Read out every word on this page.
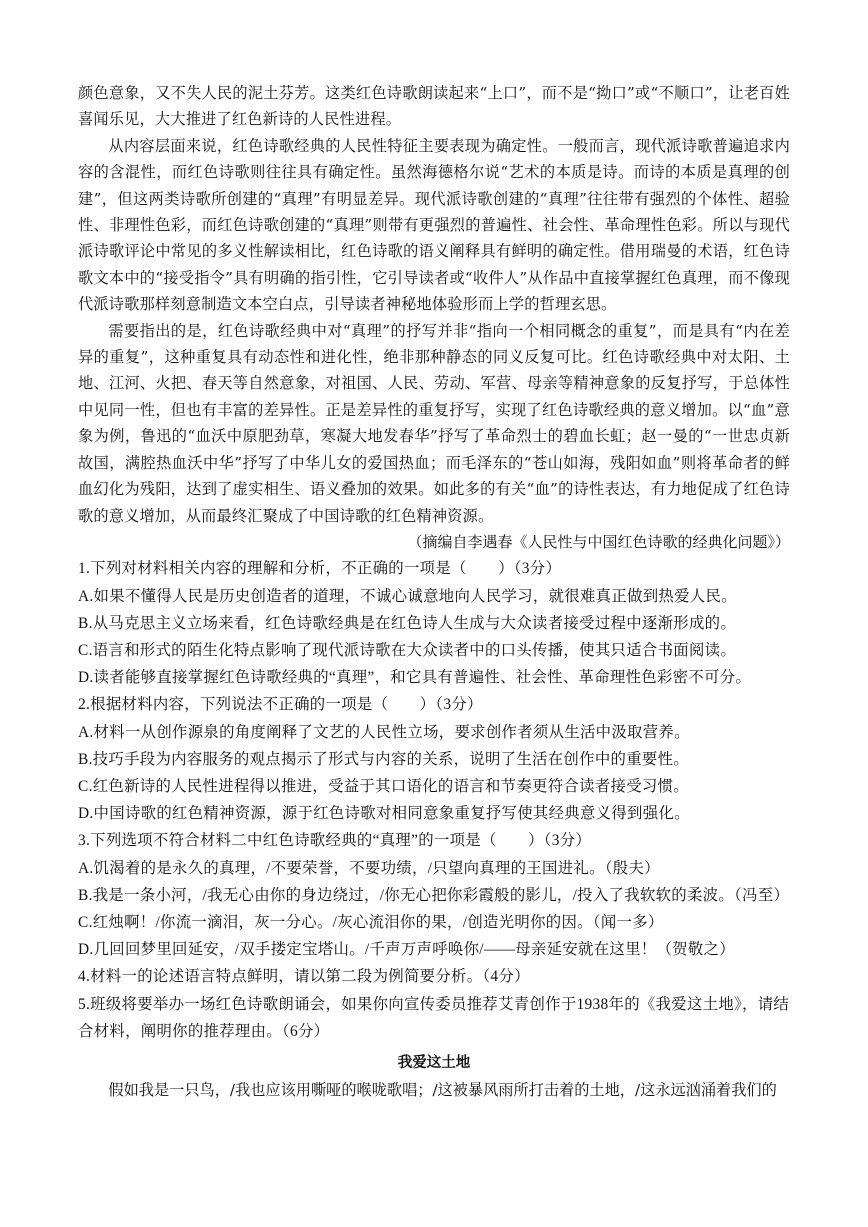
颜色意象，又不失人民的泥土芬芳。这类红色诗歌朗读起来“上口”，而不是“拗口”或“不顺口”，让老百姓喜闻乐见，大大推进了红色新诗的人民性进程。

从内容层面来说，红色诗歌经典的人民性特征主要表现为确定性。一般而言，现代派诗歌普遍追求内容的含混性，而红色诗歌则往往具有确定性。虽然海德格尔说“艺术的本质是诗。而诗的本质是真理的创建”，但这两类诗歌所创建的“真理”有明显差异。现代派诗歌创建的“真理”往往带有强烈的个体性、超验性、非理性色彩，而红色诗歌创建的“真理”则带有更强烈的普遍性、社会性、革命理性色彩。所以与现代派诗歌评论中常见的多义性解读相比，红色诗歌的语义阐释具有鲜明的确定性。借用瑞曼的术语，红色诗歌文本中的“接受指令”具有明确的指引性，它引导读者或“收件人”从作品中直接掌握红色真理，而不像现代派诗歌那样刻意制造文本空白点，引导读者神秘地体验形而上学的哲理玄思。

需要指出的是，红色诗歌经典中对“真理”的抒写并非“指向一个相同概念的重复”，而是具有“内在差异的重复”，这种重复具有动态性和进化性，绝非那种静态的同义反复可比。红色诗歌经典中对太阳、土地、江河、火把、春天等自然意象，对祖国、人民、劳动、军营、母亲等精神意象的反复抒写，于总体性中见同一性，但也有丰富的差异性。正是差异性的重复抒写，实现了红色诗歌经典的意义增加。以“血”意象为例，鲁迅的“血沃中原肥劲草，寒凝大地发春华”抒写了革命烈士的碧血长虹；赵一曼的“一世忠贞新故国，满腔热血沃中华”抒写了中华儿女的爱国热血；而毛泽东的“苍山如海，残阳如血”则将革命者的鲜血幻化为残阳，达到了虚实相生、语义叠加的效果。如此多的有关“血”的诗性表达，有力地促成了红色诗歌的意义增加，从而最终汇聚成了中国诗歌的红色精神资源。

（摘编自李遇春《人民性与中国红色诗歌的经典化问题》）

1.下列对材料相关内容的理解和分析，不正确的一项是（　　）（3分）

A.如果不懂得人民是历史创造者的道理，不诚心诚意地向人民学习，就很难真正做到热爱人民。

B.从马克思主义立场来看，红色诗歌经典是在红色诗人生成与大众读者接受过程中逐渐形成的。

C.语言和形式的陌生化特点影响了现代派诗歌在大众读者中的口头传播，使其只适合书面阅读。

D.读者能够直接掌握红色诗歌经典的“真理”，和它具有普遍性、社会性、革命理性色彩密不可分。

2.根据材料内容，下列说法不正确的一项是（　　）（3分）

A.材料一从创作源泉的角度阐释了文艺的人民性立场，要求创作者须从生活中汲取营养。

B.技巧手段为内容服务的观点揭示了形式与内容的关系，说明了生活在创作中的重要性。

C.红色新诗的人民性进程得以推进，受益于其口语化的语言和节奏更符合读者接受习惯。

D.中国诗歌的红色精神资源，源于红色诗歌对相同意象重复抒写使其经典意义得到强化。

3.下列选项不符合材料二中红色诗歌经典的“真理”的一项是（　　）（3分）

A.饥渴着的是永久的真理，/不要荣誉，不要功绩，/只望向真理的王国进礼。（殷夫）

B.我是一条小河，/我无心由你的身边绕过，/你无心把你彩霞般的影儿，/投入了我软软的柔波。（冯至）

C.红烛啊！/你流一滴泪，灰一分心。/灰心流泪你的果，/创造光明你的因。（闻一多）

D.几回回梦里回延安，/双手搂定宝塔山。/千声万声呼唤你/——母亲延安就在这里！（贺敬之）

4.材料一的论述语言特点鲜明，请以第二段为例简要分析。（4分）

5.班级将要举办一场红色诗歌朗诵会，如果你向宣传委员推荐艾青创作于1938年的《我爱这土地》，请结合材料，阐明你的推荐理由。（6分）

我爱这土地

假如我是一只鸟，/我也应该用嘶哑的喉咙歌唱；/这被暴风雨所打击着的土地，/这永远汹涌着我们的
